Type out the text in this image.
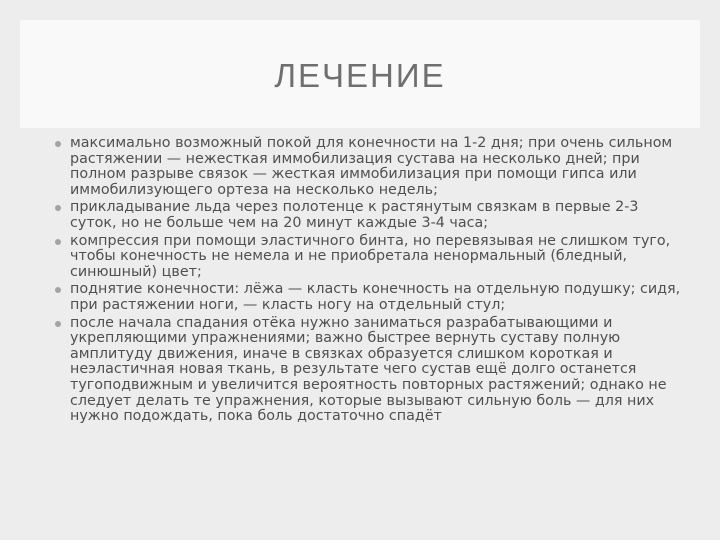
ЛЕЧЕНИЕ
максимально возможный покой для конечности на 1-2 дня; при очень сильном растяжении — нежесткая иммобилизация сустава на несколько дней; при полном разрыве связок — жесткая иммобилизация при помощи гипса или иммобилизующего ортеза на несколько недель;
прикладывание льда через полотенце к растянутым связкам в первые 2-3 суток, но не больше чем на 20 минут каждые 3-4 часа;
компрессия при помощи эластичного бинта, но перевязывая не слишком туго, чтобы конечность не немела и не приобретала ненормальный (бледный, синюшный) цвет;
поднятие конечности: лёжа — класть конечность на отдельную подушку; сидя, при растяжении ноги, — класть ногу на отдельный стул;
после начала спадания отёка нужно заниматься разрабатывающими и укрепляющими упражнениями; важно быстрее вернуть суставу полную амплитуду движения, иначе в связках образуется слишком короткая и неэластичная новая ткань, в результате чего сустав ещё долго останется тугоподвижным и увеличится вероятность повторных растяжений; однако не следует делать те упражнения, которые вызывают сильную боль — для них нужно подождать, пока боль достаточно спадёт
